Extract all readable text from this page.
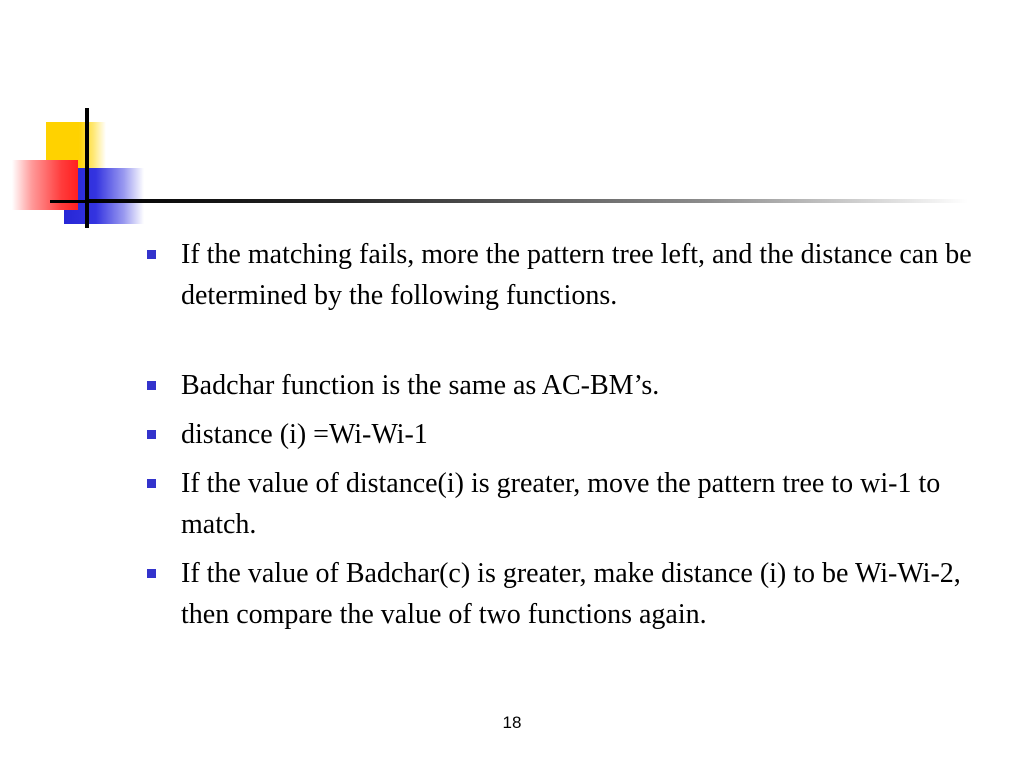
If the matching fails, more the pattern tree left, and the distance can be determined by the following functions.
Badchar function is the same as AC-BM’s.
distance (i) =Wi-Wi-1
If the value of distance(i) is greater, move the pattern tree to wi-1 to match.
If the value of Badchar(c) is greater, make distance (i) to be Wi-Wi-2, then compare the value of two functions again.
18
